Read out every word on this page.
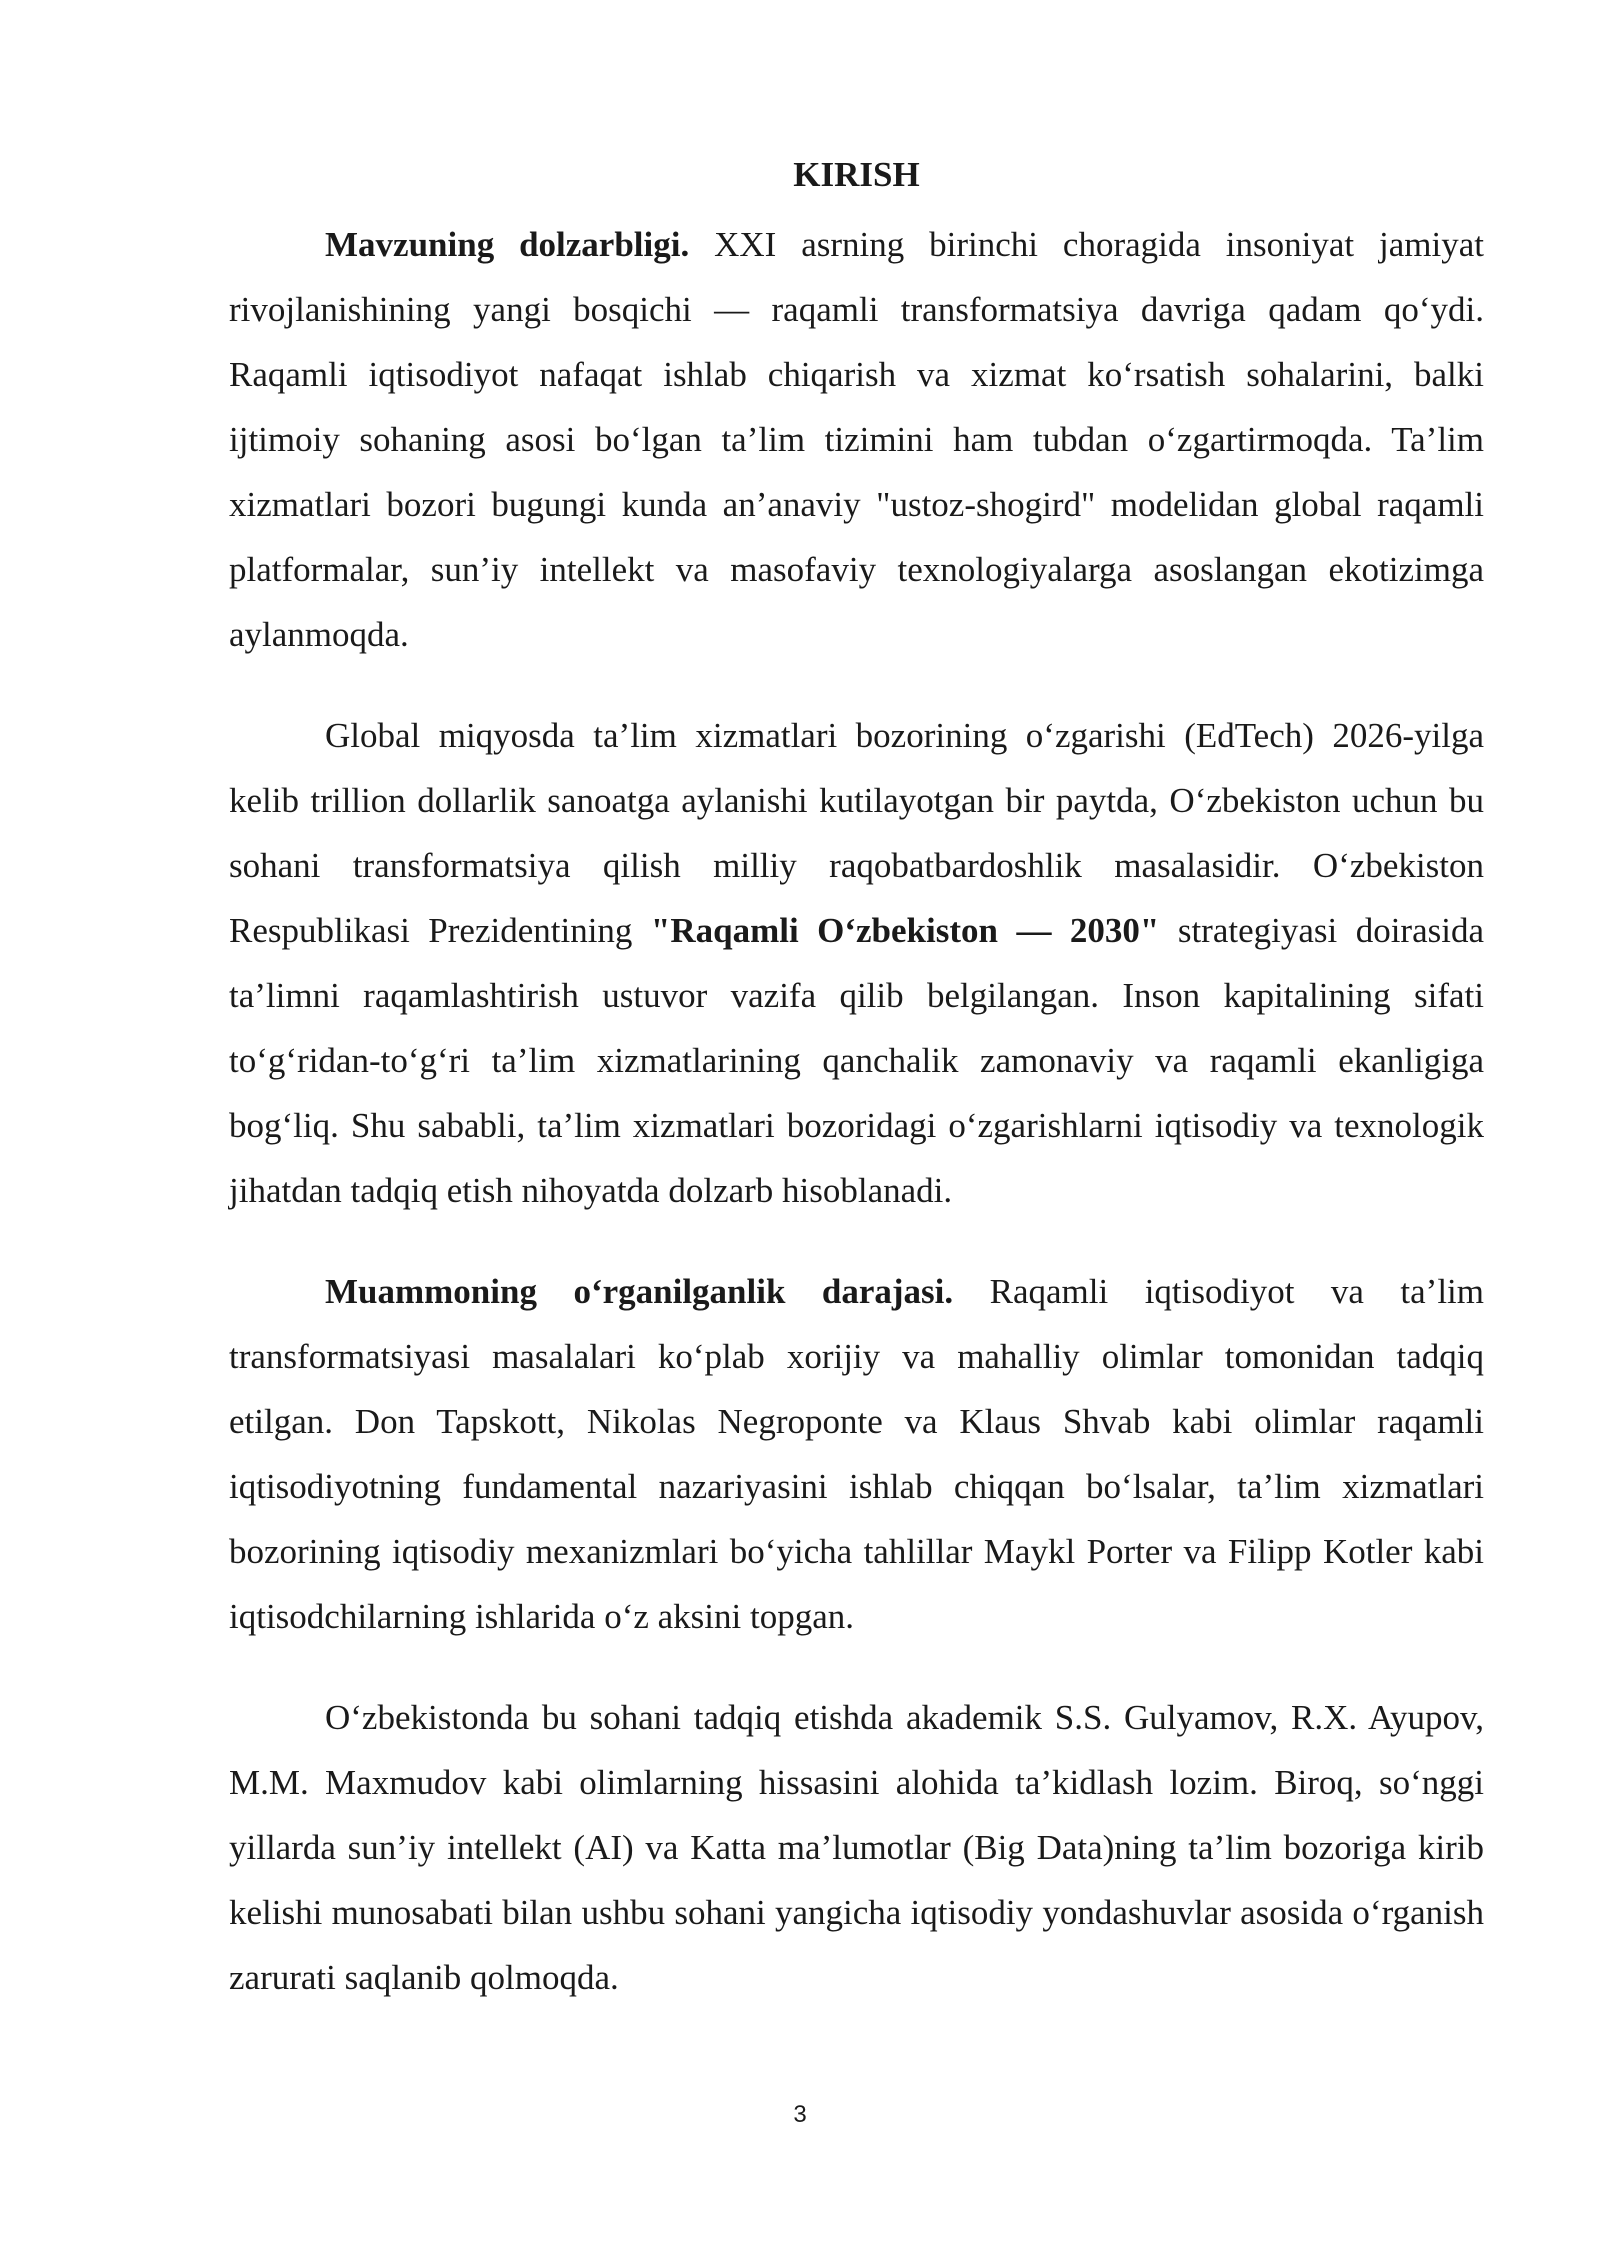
KIRISH

Mavzuning dolzarbligi. XXI asrning birinchi choragida insoniyat jamiyat rivojlanishining yangi bosqichi — raqamli transformatsiya davriga qadam qo‘ydi. Raqamli iqtisodiyot nafaqat ishlab chiqarish va xizmat ko‘rsatish sohalarini, balki ijtimoiy sohaning asosi bo‘lgan ta’lim tizimini ham tubdan o‘zgartirmoqda. Ta’lim xizmatlari bozori bugungi kunda an’anaviy "ustoz-shogird" modelidan global raqamli platformalar, sun’iy intellekt va masofaviy texnologiyalarga asoslangan ekotizimga aylanmoqda.

Global miqyosda ta’lim xizmatlari bozorining o‘zgarishi (EdTech) 2026-yilga kelib trillion dollarlik sanoatga aylanishi kutilayotgan bir paytda, O‘zbekiston uchun bu sohani transformatsiya qilish milliy raqobatbardoshlik masalasidir. O‘zbekiston Respublikasi Prezidentining "Raqamli O‘zbekiston — 2030" strategiyasi doirasida ta’limni raqamlashtirish ustuvor vazifa qilib belgilangan. Inson kapitalining sifati to‘g‘ridan-to‘g‘ri ta’lim xizmatlarining qanchalik zamonaviy va raqamli ekanligiga bog‘liq. Shu sababli, ta’lim xizmatlari bozoridagi o‘zgarishlarni iqtisodiy va texnologik jihatdan tadqiq etish nihoyatda dolzarb hisoblanadi.

Muammoning o‘rganilganlik darajasi. Raqamli iqtisodiyot va ta’lim transformatsiyasi masalalari ko‘plab xorijiy va mahalliy olimlar tomonidan tadqiq etilgan. Don Tapskott, Nikolas Negroponte va Klaus Shvab kabi olimlar raqamli iqtisodiyotning fundamental nazariyasini ishlab chiqqan bo‘lsalar, ta’lim xizmatlari bozorining iqtisodiy mexanizmlari bo‘yicha tahlillar Maykl Porter va Filipp Kotler kabi iqtisodchilarning ishlarida o‘z aksini topgan.

O‘zbekistonda bu sohani tadqiq etishda akademik S.S. Gulyamov, R.X. Ayupov, M.M. Maxmudov kabi olimlarning hissasini alohida ta’kidlash lozim. Biroq, so‘nggi yillarda sun’iy intellekt (AI) va Katta ma’lumotlar (Big Data)ning ta’lim bozoriga kirib kelishi munosabati bilan ushbu sohani yangicha iqtisodiy yondashuvlar asosida o‘rganish zarurati saqlanib qolmoqda.

3
